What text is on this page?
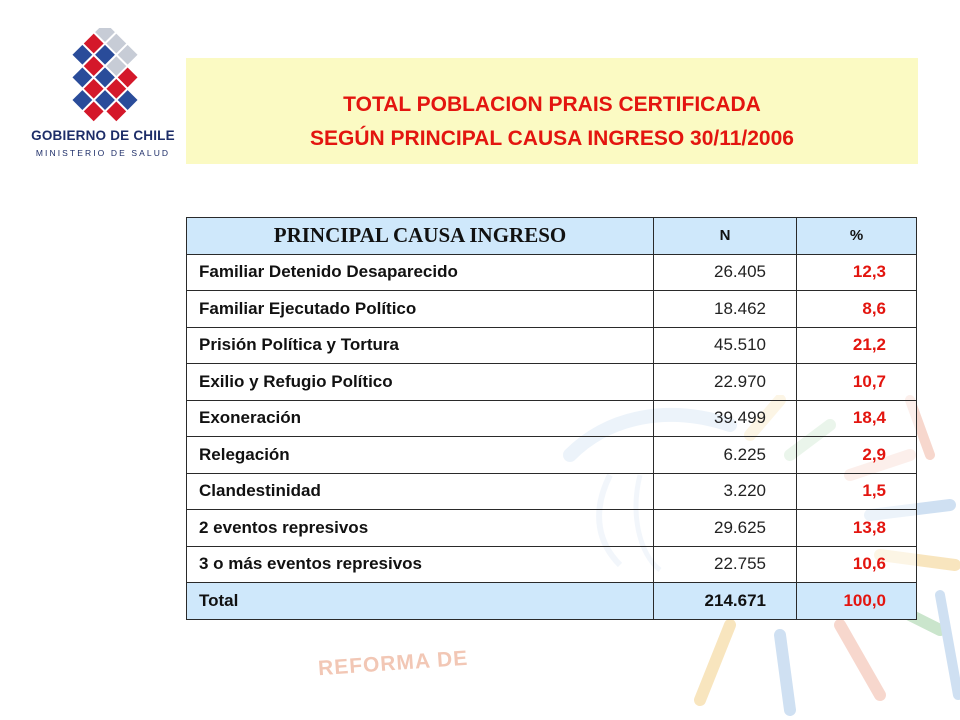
REFORMA DE
GOBIERNO DE CHILE
MINISTERIO DE SALUD

TOTAL POBLACION PRAIS CERTIFICADA

SEGÚN PRINCIPAL CAUSA INGRESO 30/11/2006

PRINCIPAL CAUSA INGRESO	N	%
Familiar Detenido Desaparecido	26.405	12,3
Familiar Ejecutado Político	18.462	8,6
Prisión Política y Tortura	45.510	21,2
Exilio y Refugio Político	22.970	10,7
Exoneración	39.499	18,4
Relegación	6.225	2,9
Clandestinidad	3.220	1,5
2 eventos represivos	29.625	13,8
3 o más eventos represivos	22.755	10,6
Total	214.671	100,0
